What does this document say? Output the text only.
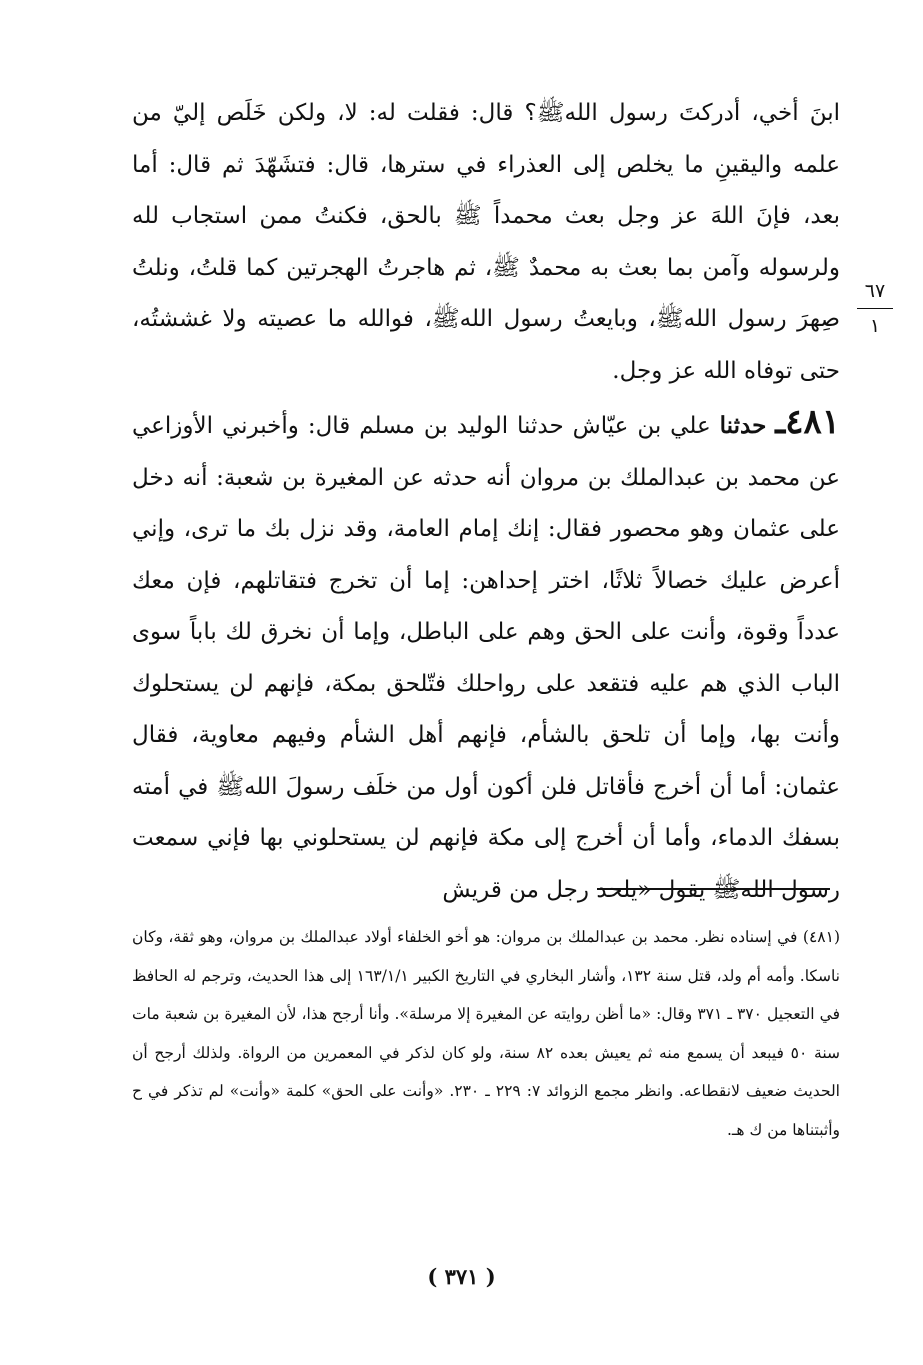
ابنَ أخي، أدركتَ رسول اللهﷺ؟ قال: فقلت له: لا، ولكن خَلَص إليّ من علمه واليقينِ ما يخلص إلى العذراء في سترها، قال: فتشَهّدَ ثم قال: أما بعد، فإنَ اللهَ عز وجل بعث محمداً ﷺ بالحق، فكنتُ ممن استجاب لله ولرسوله وآمن بما بعث به محمدٌ ﷺ، ثم هاجرتُ الهجرتين كما قلتُ، ونلتُ صِهرَ رسول اللهﷺ، وبايعتُ رسول اللهﷺ، فوالله ما عصيته ولا غششتُه، حتى توفاه الله عز وجل.

٤٨١ـ حدثنا علي بن عيّاش حدثنا الوليد بن مسلم قال: وأخبرني الأوزاعي عن محمد بن عبدالملك بن مروان أنه حدثه عن المغيرة بن شعبة: أنه دخل على عثمان وهو محصور فقال: إنك إمام العامة، وقد نزل بك ما ترى، وإني أعرض عليك خصالاً ثلاثًا، اختر إحداهن: إما أن تخرج فتقاتلهم، فإن معك عدداً وقوة، وأنت على الحق وهم على الباطل، وإما أن نخرق لك باباً سوى الباب الذي هم عليه فتقعد على رواحلك فتّلحق بمكة، فإنهم لن يستحلوك وأنت بها، وإما أن تلحق بالشأم، فإنهم أهل الشأم وفيهم معاوية، فقال عثمان: أما أن أخرج فأقاتل فلن أكون أول من خلَف رسولَ اللهﷺ في أمته بسفك الدماء، وأما أن أخرج إلى مكة فإنهم لن يستحلوني بها فإني سمعت رسول اللهﷺ يقول «يلحد رجل من قريش

٦٧
١

(٤٨١) في إسناده نظر. محمد بن عبدالملك بن مروان: هو أخو الخلفاء أولاد عبدالملك بن مروان، وهو ثقة، وكان ناسكا. وأمه أم ولد، قتل سنة ١٣٢، وأشار البخاري في التاريخ الكبير ١٦٣/١/١ إلى هذا الحديث، وترجم له الحافظ في التعجيل ٣٧٠ ـ ٣٧١ وقال: «ما أظن روايته عن المغيرة إلا مرسلة». وأنا أرجح هذا، لأن المغيرة بن شعبة مات سنة ٥٠ فيبعد أن يسمع منه ثم يعيش بعده ٨٢ سنة، ولو كان لذكر في المعمرين من الرواة. ولذلك أرجح أن الحديث ضعيف لانقطاعه. وانظر مجمع الزوائد ٧: ٢٢٩ ـ ٢٣٠. «وأنت على الحق» كلمة «وأنت» لم تذكر في ح وأثبتناها من ك هـ.

( ٣٧١ )
